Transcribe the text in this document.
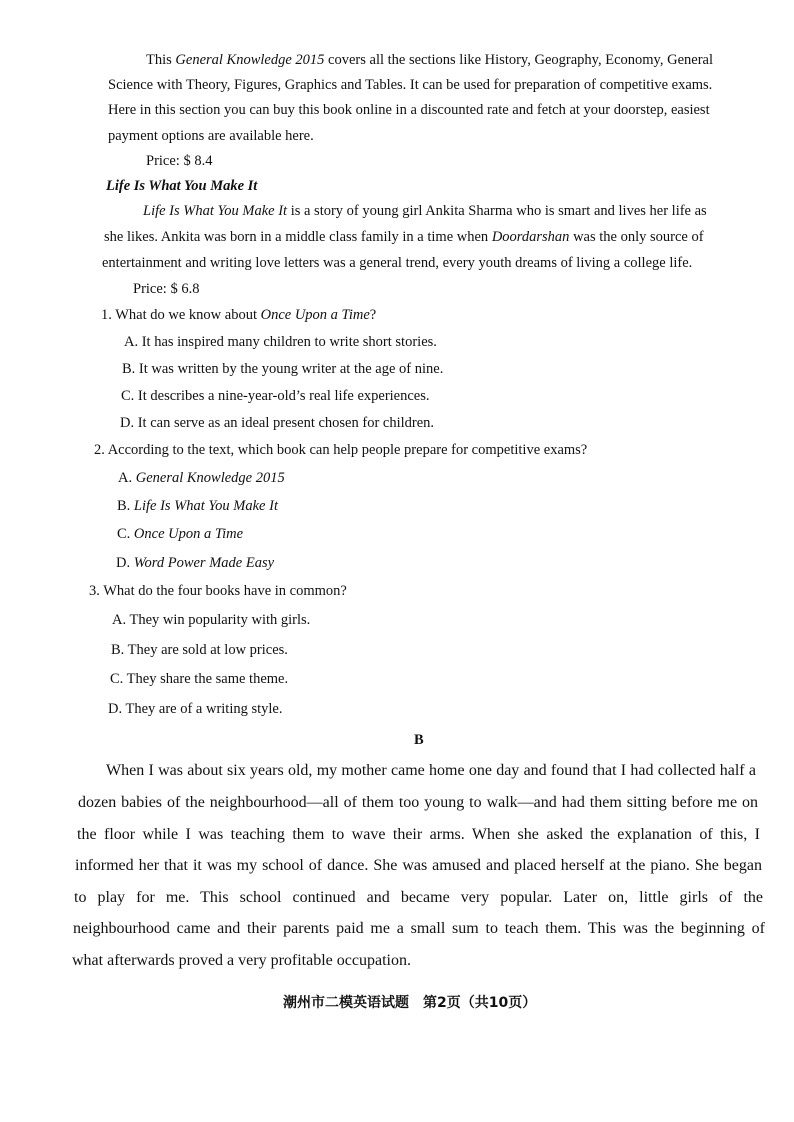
This General Knowledge 2015 covers all the sections like History, Geography, Economy, General
Science with Theory, Figures, Graphics and Tables. It can be used for preparation of competitive exams.
Here in this section you can buy this book online in a discounted rate and fetch at your doorstep, easiest
payment options are available here.
Price: $ 8.4
Life Is What You Make It
Life Is What You Make It is a story of young girl Ankita Sharma who is smart and lives her life as
she likes. Ankita was born in a middle class family in a time when Doordarshan was the only source of
entertainment and writing love letters was a general trend, every youth dreams of living a college life.
Price: $ 6.8
1. What do we know about Once Upon a Time?
A. It has inspired many children to write short stories.
B. It was written by the young writer at the age of nine.
C. It describes a nine-year-old’s real life experiences.
D. It can serve as an ideal present chosen for children.
2. According to the text, which book can help people prepare for competitive exams?
A. General Knowledge 2015
B. Life Is What You Make It
C. Once Upon a Time
D. Word Power Made Easy
3. What do the four books have in common?
A. They win popularity with girls.
B. They are sold at low prices.
C. They share the same theme.
D. They are of a writing style.
B
When I was about six years old, my mother came home one day and found that I had collected half a
dozen babies of the neighbourhood—all of them too young to walk—and had them sitting before me on
the floor while I was teaching them to wave their arms. When she asked the explanation of this, I
informed her that it was my school of dance. She was amused and placed herself at the piano. She began
to play for me. This school continued and became very popular. Later on, little girls of the
neighbourhood came and their parents paid me a small sum to teach them. This was the beginning of
what afterwards proved a very profitable occupation.
潮州市二模英语试题　第2页（共10页）
